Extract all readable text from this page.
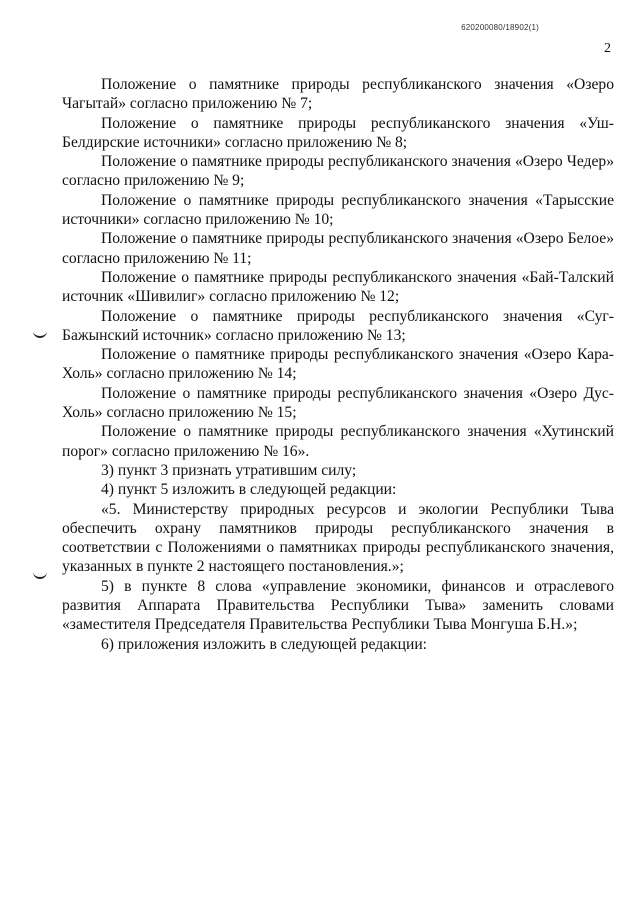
620200080/18902(1)
2

Положение о памятнике природы республиканского значения «Озеро Чагытай» согласно приложению № 7;

Положение о памятнике природы республиканского значения «Уш-Белдирские источники» согласно приложению № 8;

Положение о памятнике природы республиканского значения «Озеро Чедер» согласно приложению № 9;

Положение о памятнике природы республиканского значения «Тарысские источники» согласно приложению № 10;

Положение о памятнике природы республиканского значения «Озеро Белое» согласно приложению № 11;

Положение о памятнике природы республиканского значения «Бай-Талский источник «Шивилиг» согласно приложению № 12;

Положение о памятнике природы республиканского значения «Суг-Бажынский источник» согласно приложению № 13;

Положение о памятнике природы республиканского значения «Озеро Кара-Холь» согласно приложению № 14;

Положение о памятнике природы республиканского значения «Озеро Дус-Холь» согласно приложению № 15;

Положение о памятнике природы республиканского значения «Хутинский порог» согласно приложению № 16».

3) пункт 3 признать утратившим силу;

4) пункт 5 изложить в следующей редакции:

«5. Министерству природных ресурсов и экологии Республики Тыва обеспечить охрану памятников природы республиканского значения в соответствии с Положениями о памятниках природы республиканского значения, указанных в пункте 2 настоящего постановления.»;

5) в пункте 8 слова «управление экономики, финансов и отраслевого развития Аппарата Правительства Республики Тыва» заменить словами «заместителя Председателя Правительства Республики Тыва Монгуша Б.Н.»;

6) приложения изложить в следующей редакции:
